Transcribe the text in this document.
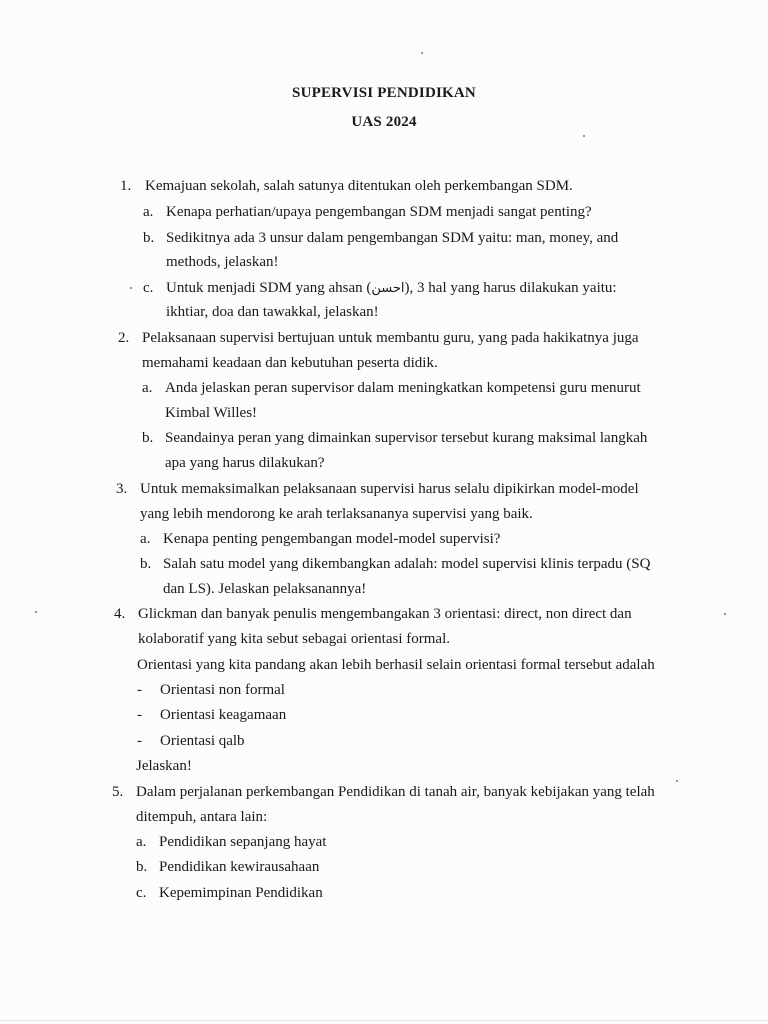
SUPERVISI PENDIDIKAN
UAS 2024
1. Kemajuan sekolah, salah satunya ditentukan oleh perkembangan SDM.
a. Kenapa perhatian/upaya pengembangan SDM menjadi sangat penting?
b. Sedikitnya ada 3 unsur dalam pengembangan SDM yaitu: man, money, and
methods, jelaskan!
c. Untuk menjadi SDM yang ahsan (احسن), 3 hal yang harus dilakukan yaitu:
ikhtiar, doa dan tawakkal, jelaskan!
2. Pelaksanaan supervisi bertujuan untuk membantu guru, yang pada hakikatnya juga
memahami keadaan dan kebutuhan peserta didik.
a. Anda jelaskan peran supervisor dalam meningkatkan kompetensi guru menurut
Kimbal Willes!
b. Seandainya peran yang dimainkan supervisor tersebut kurang maksimal langkah
apa yang harus dilakukan?
3. Untuk memaksimalkan pelaksanaan supervisi harus selalu dipikirkan model-model
yang lebih mendorong ke arah terlaksananya supervisi yang baik.
a. Kenapa penting pengembangan model-model supervisi?
b. Salah satu model yang dikembangkan adalah: model supervisi klinis terpadu (SQ
dan LS). Jelaskan pelaksanannya!
4. Glickman dan banyak penulis mengembangakan 3 orientasi: direct, non direct dan
kolaboratif yang kita sebut sebagai orientasi formal.
Orientasi yang kita pandang akan lebih berhasil selain orientasi formal tersebut adalah
- Orientasi non formal
- Orientasi keagamaan
- Orientasi qalb
Jelaskan!
5. Dalam perjalanan perkembangan Pendidikan di tanah air, banyak kebijakan yang telah
ditempuh, antara lain:
a. Pendidikan sepanjang hayat
b. Pendidikan kewirausahaan
c. Kepemimpinan Pendidikan
